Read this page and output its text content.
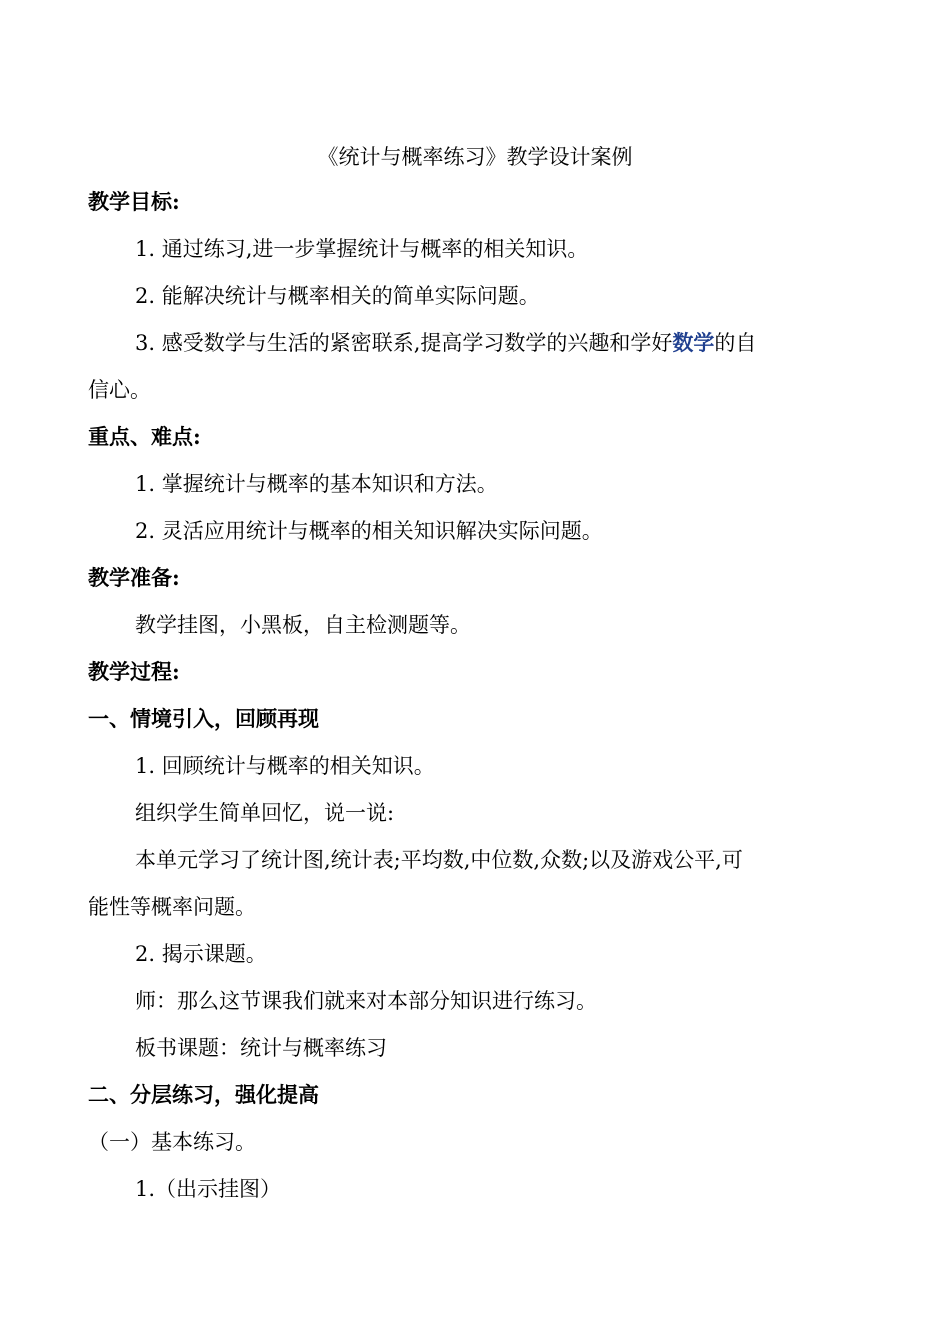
《统计与概率练习》教学设计案例
教学目标:
1. 通过练习,进一步掌握统计与概率的相关知识。
2. 能解决统计与概率相关的简单实际问题。
3. 感受数学与生活的紧密联系,提高学习数学的兴趣和学好数学的自
信心。
重点、难点:
1. 掌握统计与概率的基本知识和方法。
2. 灵活应用统计与概率的相关知识解决实际问题。
教学准备:
教学挂图，小黑板，自主检测题等。
教学过程:
一、情境引入，回顾再现
1. 回顾统计与概率的相关知识。
组织学生简单回忆，说一说:
本单元学习了统计图,统计表;平均数,中位数,众数;以及游戏公平,可
能性等概率问题。
2. 揭示课题。
师：那么这节课我们就来对本部分知识进行练习。
板书课题：统计与概率练习
二、分层练习，强化提高
（一）基本练习。
1.（出示挂图）
